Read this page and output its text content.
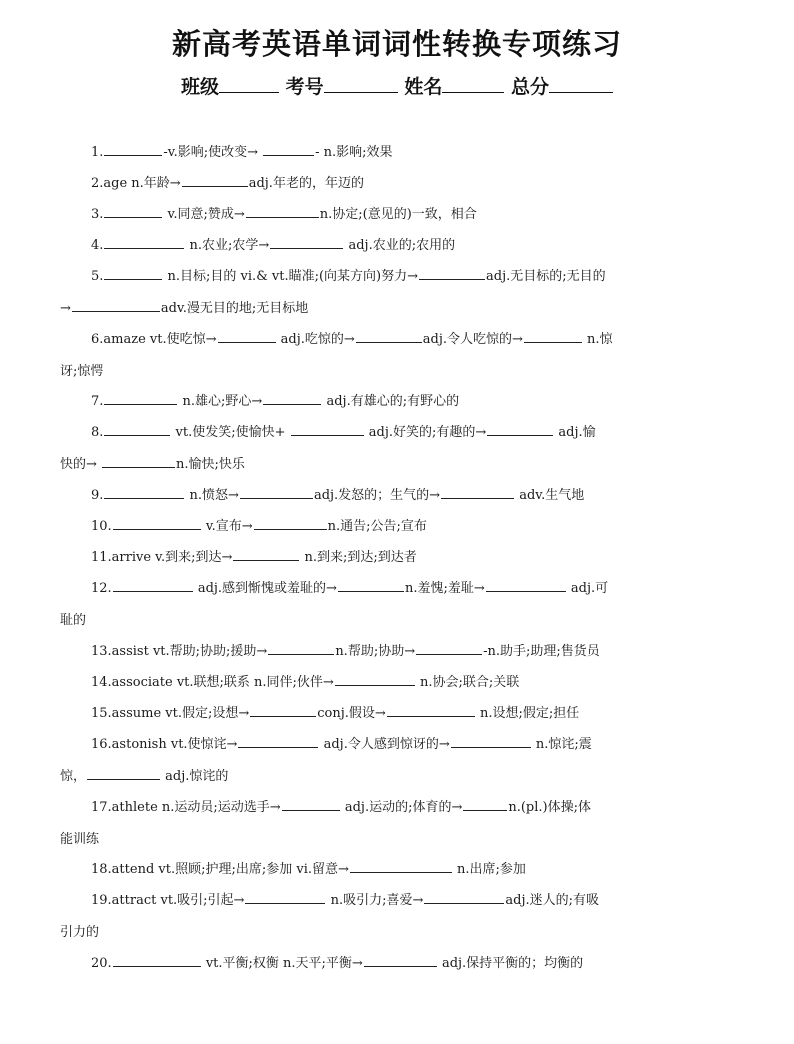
新高考英语单词词性转换专项练习
班级	考号	姓名	总分
1.	-v.影响;使改变→	- n.影响;效果
2.age n.年龄→	adj.年老的，年迈的
3.	v.同意;赞成→	n.协定;(意见的)一致，相合
4.	n.农业;农学→	adj.农业的;农用的
5.	n.目标;目的 vi.& vt.瞄准;(向某方向)努力→	adj.无目标的;无目的
→	adv.漫无目的地;无目标地
6.amaze vt.使吃惊→	adj.吃惊的→	adj.令人吃惊的→	n.惊
讶;惊愕
7.	n.雄心;野心→	adj.有雄心的;有野心的
8.	vt.使发笑;使愉快+	adj.好笑的;有趣的→	adj.愉
快的→	n.愉快;快乐
9.	n.愤怒→	adj.发怒的；生气的→	adv.生气地
10.	v.宣布→	n.通告;公告;宣布
11.arrive v.到来;到达→	n.到来;到达;到达者
12.	adj.感到惭愧或羞耻的→	n.羞愧;羞耻→	adj.可
耻的
13.assist vt.帮助;协助;援助→	n.帮助;协助→	-n.助手;助理;售货员
14.associate vt.联想;联系 n.同伴;伙伴→	n.协会;联合;关联
15.assume vt.假定;设想→	conj.假设→	n.设想;假定;担任
16.astonish vt.使惊诧→	adj.令人感到惊讶的→	n.惊诧;震
惊，	adj.惊诧的
17.athlete n.运动员;运动选手→	adj.运动的;体育的→	n.(pl.)体操;体
能训练
18.attend vt.照顾;护理;出席;参加 vi.留意→	n.出席;参加
19.attract vt.吸引;引起→	n.吸引力;喜爱→	adj.迷人的;有吸
引力的
20.	vt.平衡;权衡 n.天平;平衡→	adj.保持平衡的；均衡的
